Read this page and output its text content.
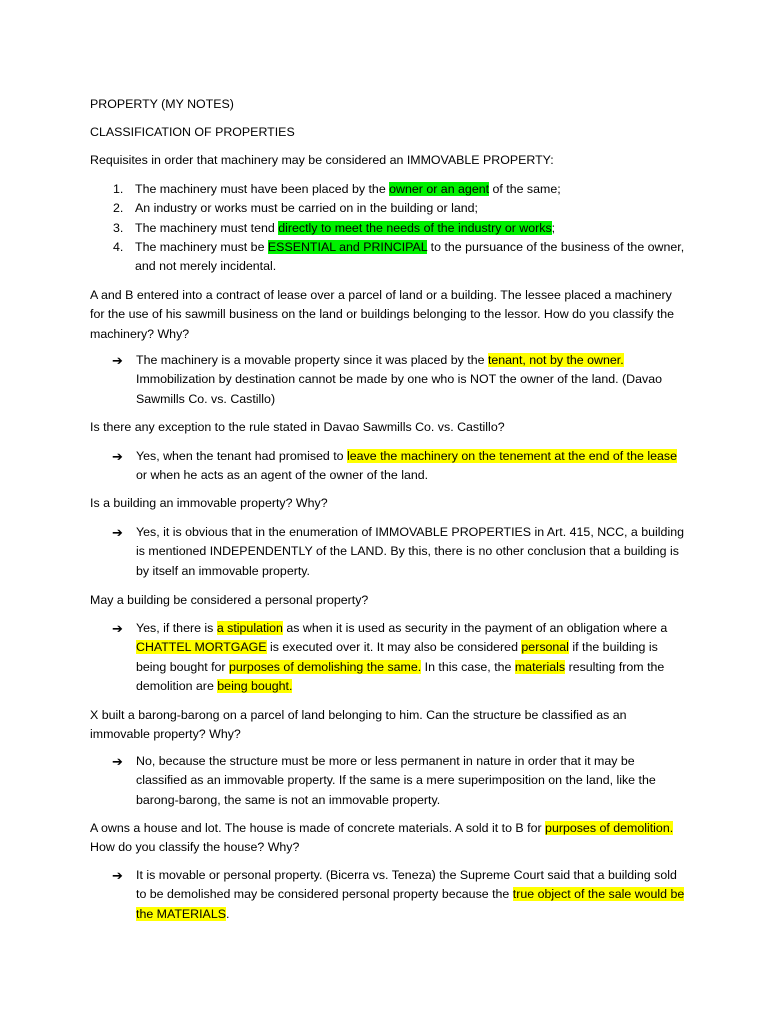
PROPERTY (MY NOTES)

CLASSIFICATION OF PROPERTIES

Requisites in order that machinery may be considered an IMMOVABLE PROPERTY:

1. The machinery must have been placed by the owner or an agent of the same;
2. An industry or works must be carried on in the building or land;
3. The machinery must tend directly to meet the needs of the industry or works;
4. The machinery must be ESSENTIAL and PRINCIPAL to the pursuance of the business of the owner, and not merely incidental.

A and B entered into a contract of lease over a parcel of land or a building. The lessee placed a machinery for the use of his sawmill business on the land or buildings belonging to the lessor. How do you classify the machinery? Why?

➔ The machinery is a movable property since it was placed by the tenant, not by the owner. Immobilization by destination cannot be made by one who is NOT the owner of the land. (Davao Sawmills Co. vs. Castillo)

Is there any exception to the rule stated in Davao Sawmills Co. vs. Castillo?

➔ Yes, when the tenant had promised to leave the machinery on the tenement at the end of the lease or when he acts as an agent of the owner of the land.

Is a building an immovable property? Why?

➔ Yes, it is obvious that in the enumeration of IMMOVABLE PROPERTIES in Art. 415, NCC, a building is mentioned INDEPENDENTLY of the LAND. By this, there is no other conclusion that a building is by itself an immovable property.

May a building be considered a personal property?

➔ Yes, if there is a stipulation as when it is used as security in the payment of an obligation where a CHATTEL MORTGAGE is executed over it. It may also be considered personal if the building is being bought for purposes of demolishing the same. In this case, the materials resulting from the demolition are being bought.

X built a barong-barong on a parcel of land belonging to him. Can the structure be classified as an immovable property? Why?

➔ No, because the structure must be more or less permanent in nature in order that it may be classified as an immovable property. If the same is a mere superimposition on the land, like the barong-barong, the same is not an immovable property.

A owns a house and lot. The house is made of concrete materials. A sold it to B for purposes of demolition. How do you classify the house? Why?

➔ It is movable or personal property. (Bicerra vs. Teneza) the Supreme Court said that a building sold to be demolished may be considered personal property because the true object of the sale would be the MATERIALS.
